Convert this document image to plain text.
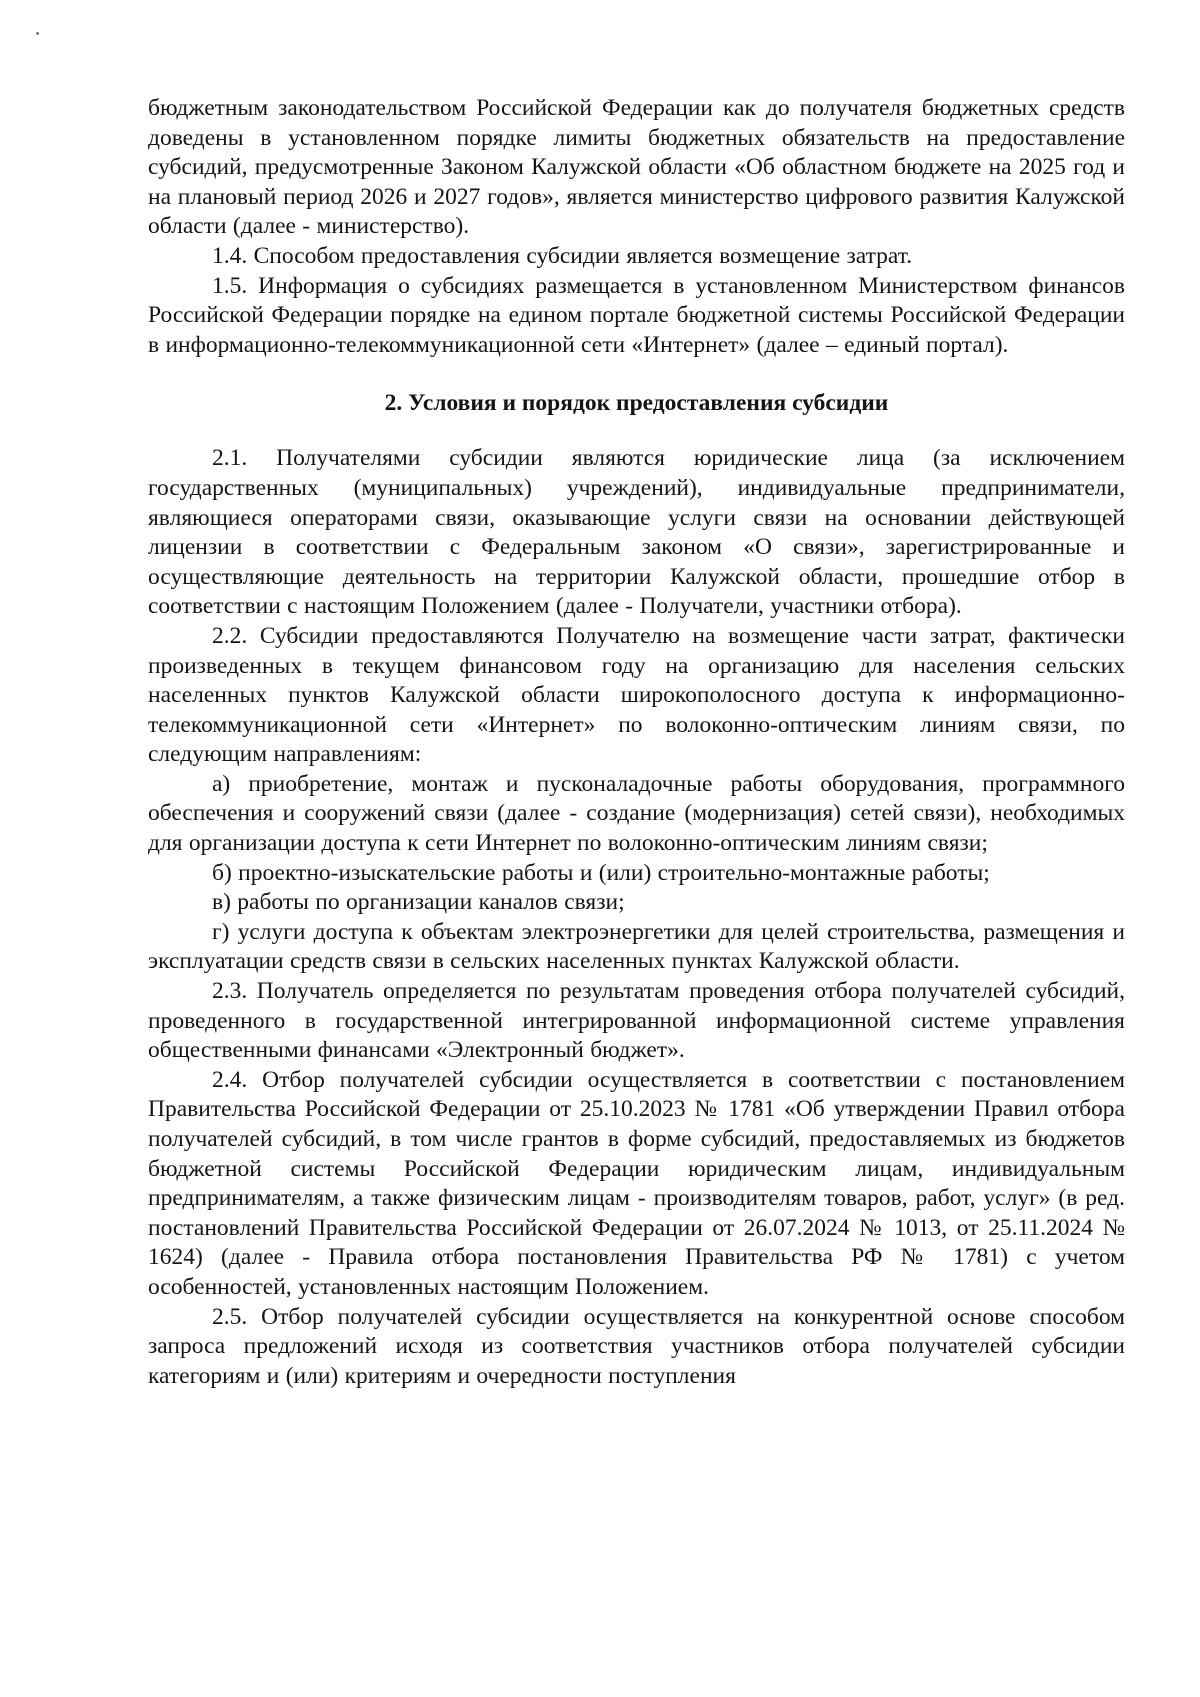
бюджетным законодательством Российской Федерации как до получателя бюджетных средств доведены в установленном порядке лимиты бюджетных обязательств на предоставление субсидий, предусмотренные Законом Калужской области «Об областном бюджете на 2025 год и на плановый период 2026 и 2027 годов», является министерство цифрового развития Калужской области (далее - министерство).

1.4. Способом предоставления субсидии является возмещение затрат.

1.5. Информация о субсидиях размещается в установленном Министерством финансов Российской Федерации порядке на едином портале бюджетной системы Российской Федерации в информационно-телекоммуникационной сети «Интернет» (далее – единый портал).

2. Условия и порядок предоставления субсидии

2.1. Получателями субсидии являются юридические лица (за исключением государственных (муниципальных) учреждений), индивидуальные предприниматели, являющиеся операторами связи, оказывающие услуги связи на основании действующей лицензии в соответствии с Федеральным законом «О связи», зарегистрированные и осуществляющие деятельность на территории Калужской области, прошедшие отбор в соответствии с настоящим Положением (далее - Получатели, участники отбора).

2.2. Субсидии предоставляются Получателю на возмещение части затрат, фактически произведенных в текущем финансовом году на организацию для населения сельских населенных пунктов Калужской области широкополосного доступа к информационно-телекоммуникационной сети «Интернет» по волоконно-оптическим линиям связи, по следующим направлениям:

а) приобретение, монтаж и пусконаладочные работы оборудования, программного обеспечения и сооружений связи (далее - создание (модернизация) сетей связи), необходимых для организации доступа к сети Интернет по волоконно-оптическим линиям связи;

б) проектно-изыскательские работы и (или) строительно-монтажные работы;

в) работы по организации каналов связи;

г) услуги доступа к объектам электроэнергетики для целей строительства, размещения и эксплуатации средств связи в сельских населенных пунктах Калужской области.

2.3. Получатель определяется по результатам проведения отбора получателей субсидий, проведенного в государственной интегрированной информационной системе управления общественными финансами «Электронный бюджет».

2.4. Отбор получателей субсидии осуществляется в соответствии с постановлением Правительства Российской Федерации от 25.10.2023 № 1781 «Об утверждении Правил отбора получателей субсидий, в том числе грантов в форме субсидий, предоставляемых из бюджетов бюджетной системы Российской Федерации юридическим лицам, индивидуальным предпринимателям, а также физическим лицам - производителям товаров, работ, услуг» (в ред. постановлений Правительства Российской Федерации от 26.07.2024 № 1013, от 25.11.2024 № 1624) (далее - Правила отбора постановления Правительства РФ № 1781) с учетом особенностей, установленных настоящим Положением.

2.5. Отбор получателей субсидии осуществляется на конкурентной основе способом запроса предложений исходя из соответствия участников отбора получателей субсидии категориям и (или) критериям и очередности поступления
